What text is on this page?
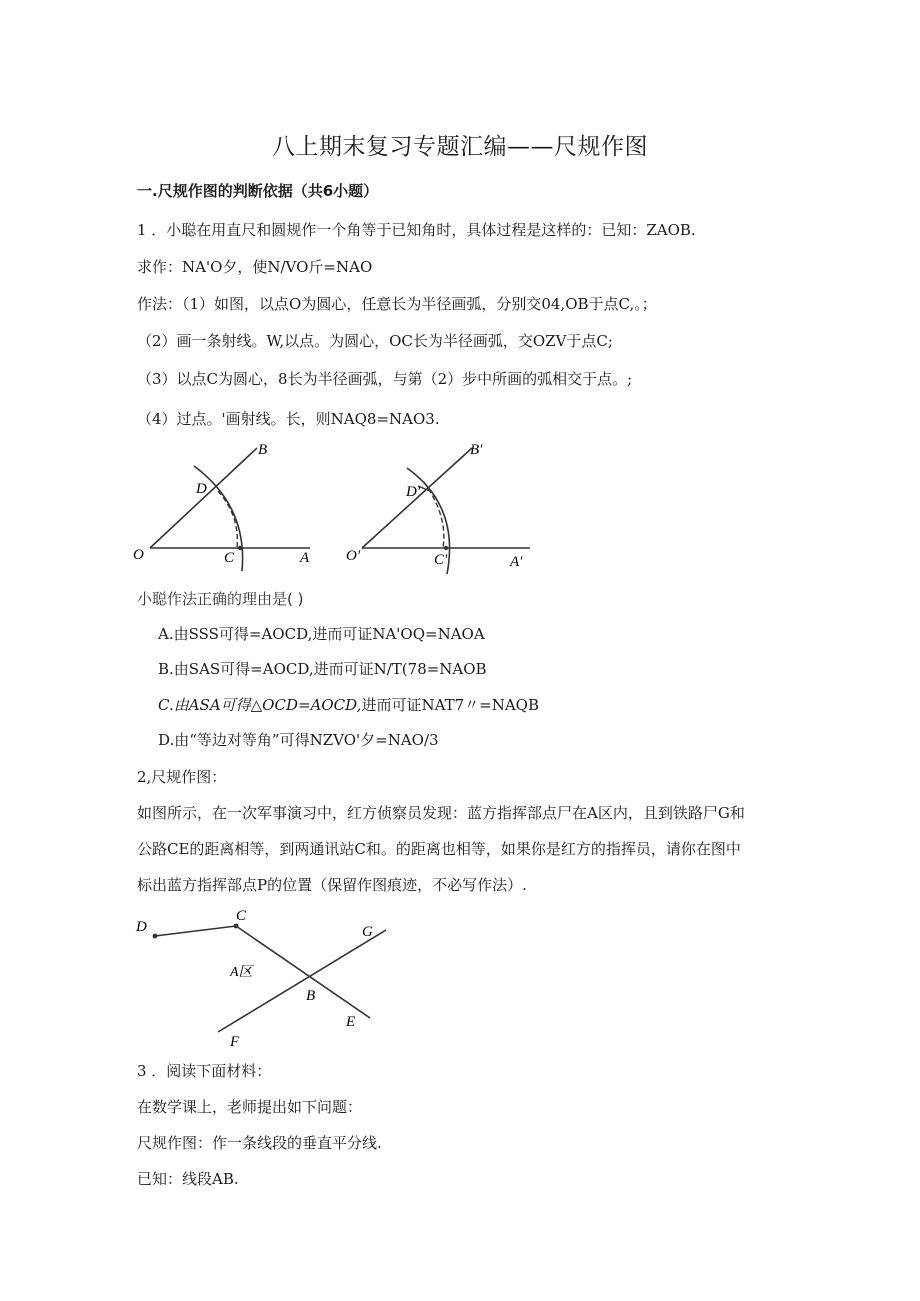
八上期末复习专题汇编——尺规作图
一.尺规作图的判断依据（共6小题）
1 ．小聪在用直尺和圆规作一个角等于已知角时，具体过程是这样的：已知：ZAOB.
求作：NA'O夕，使N/VO斤=NAO
作法：（1）如图，以点O为圆心，任意长为半径画弧，分别交04,OB于点C,。；
（2）画一条射线。W,以点。为圆心，OC长为半径画弧，交OZV于点C;
（3）以点C为圆心，8长为半径画弧，与第（2）步中所画的弧相交于点。;
（4）过点。'画射线。长，则NAQ8=NAO3.
O	A
B
C
D
O'	A'
B'
C'
D'
小聪作法正确的理由是( )
A.由SSS可得=AOCD,进而可证NA'OQ=NAOA
B.由SAS可得=AOCD,进而可证N/T(78=NAOB
C.由ASA可得△OCD=AOCD,进而可证NAT7〃=NAQB
D.由“等边对等角”可得NZVO'夕=NAO/3
2,尺规作图：
如图所示，在一次军事演习中，红方侦察员发现：蓝方指挥部点尸在A区内，且到铁路尸G和
公路CE的距离相等，到两通讯站C和。的距离也相等，如果你是红方的指挥员，请你在图中
标出蓝方指挥部点P的位置（保留作图痕迹，不必写作法）.
D
C
G
A区
B
E
F
3 ．阅读下面材料：
在数学课上，老师提出如下问题：
尺规作图：作一条线段的垂直平分线.
已知：线段AB.
